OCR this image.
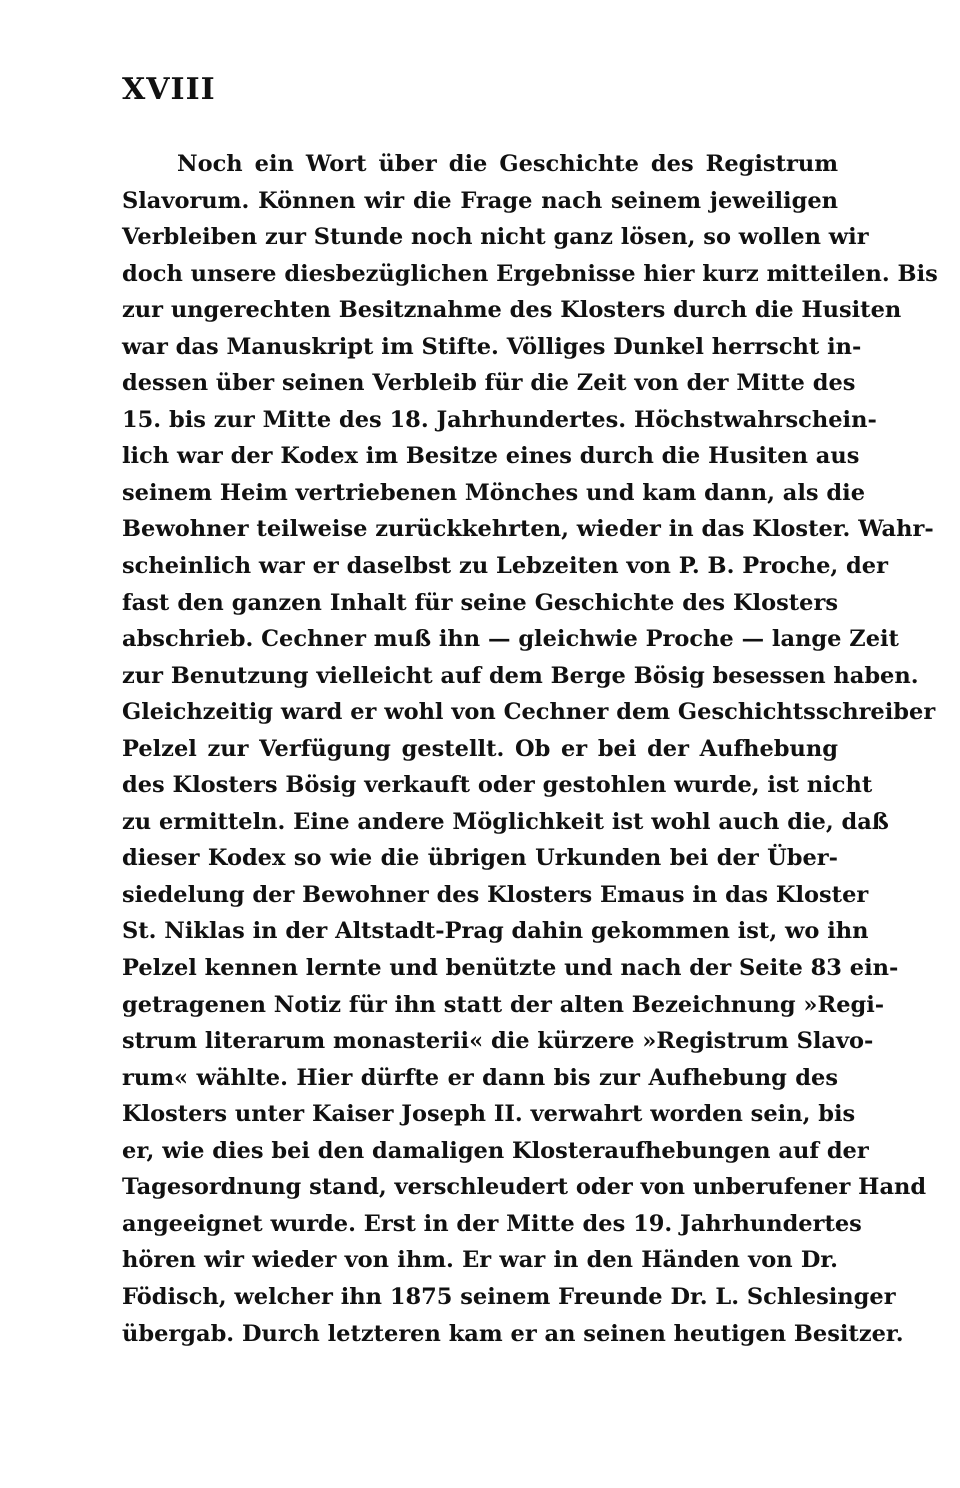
XVIII
Noch ein Wort über die Geschichte des Registrum
Slavorum. Können wir die Frage nach seinem jeweiligen
Verbleiben zur Stunde noch nicht ganz lösen, so wollen wir
doch unsere diesbezüglichen Ergebnisse hier kurz mitteilen. Bis
zur ungerechten Besitznahme des Klosters durch die Husiten
war das Manuskript im Stifte. Völliges Dunkel herrscht in-
dessen über seinen Verbleib für die Zeit von der Mitte des
15. bis zur Mitte des 18. Jahrhundertes. Höchstwahrschein-
lich war der Kodex im Besitze eines durch die Husiten aus
seinem Heim vertriebenen Mönches und kam dann, als die
Bewohner teilweise zurückkehrten, wieder in das Kloster. Wahr-
scheinlich war er daselbst zu Lebzeiten von P. B. Proche, der
fast den ganzen Inhalt für seine Geschichte des Klosters
abschrieb. Cechner muß ihn — gleichwie Proche — lange Zeit
zur Benutzung vielleicht auf dem Berge Bösig besessen haben.
Gleichzeitig ward er wohl von Cechner dem Geschichtsschreiber
Pelzel zur Verfügung gestellt. Ob er bei der Aufhebung
des Klosters Bösig verkauft oder gestohlen wurde, ist nicht
zu ermitteln. Eine andere Möglichkeit ist wohl auch die, daß
dieser Kodex so wie die übrigen Urkunden bei der Über-
siedelung der Bewohner des Klosters Emaus in das Kloster
St. Niklas in der Altstadt-Prag dahin gekommen ist, wo ihn
Pelzel kennen lernte und benützte und nach der Seite 83 ein-
getragenen Notiz für ihn statt der alten Bezeichnung »Regi-
strum literarum monasterii« die kürzere »Registrum Slavo-
rum« wählte. Hier dürfte er dann bis zur Aufhebung des
Klosters unter Kaiser Joseph II. verwahrt worden sein, bis
er, wie dies bei den damaligen Klosteraufhebungen auf der
Tagesordnung stand, verschleudert oder von unberufener Hand
angeeignet wurde. Erst in der Mitte des 19. Jahrhundertes
hören wir wieder von ihm. Er war in den Händen von Dr.
Födisch, welcher ihn 1875 seinem Freunde Dr. L. Schlesinger
übergab. Durch letzteren kam er an seinen heutigen Besitzer.
